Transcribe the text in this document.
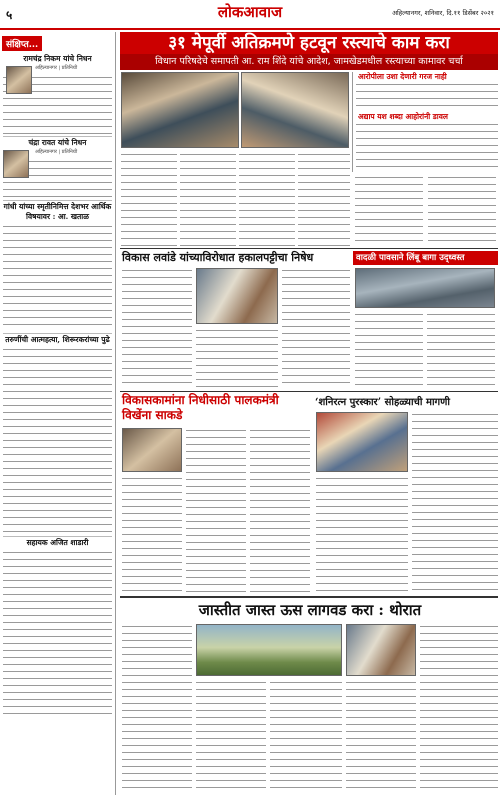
५	लोकआवाज	अहिल्यानगर, शनिवार, दि.११ डिसेंबर २०२१
संक्षिप्त...
रामचंद्र निकम यांचे निधन
अहिल्यानगर | प्रतिनिधी
चंद्रा रावत यांचे निधन
अहिल्यानगर | प्रतिनिधी
गांधी यांच्या स्मृतीनिमित्त देशभर आर्थिक विषयावर : आ. खताळ
तरुणींची आत्महत्या, शिरूरकरांच्या पुढे
सहायक अजित शाडारी
३१ मेपूर्वी अतिक्रमणे हटवून रस्त्याचे काम करा
विधान परिषदेचे समापती आ. राम शिंदे यांचे आदेश, जामखेडमधील रस्त्याच्या कामावर चर्चा
आरोपीला उशा देणारी गरज नाही
अद्याप यश शब्दा आहोरांनी डावल
विकास लवांडे यांच्याविरोधात हकालपट्टीचा निषेध	वादळी पावसाने लिंबू बागा उद्ध्वस्त
विकासकामांना निधीसाठी पालकमंत्री विखेंना साकडे
‘शनिरत्न पुरस्कार’ सोहळ्याची मागणी
जास्तीत जास्त ऊस लागवड करा : थोरात
